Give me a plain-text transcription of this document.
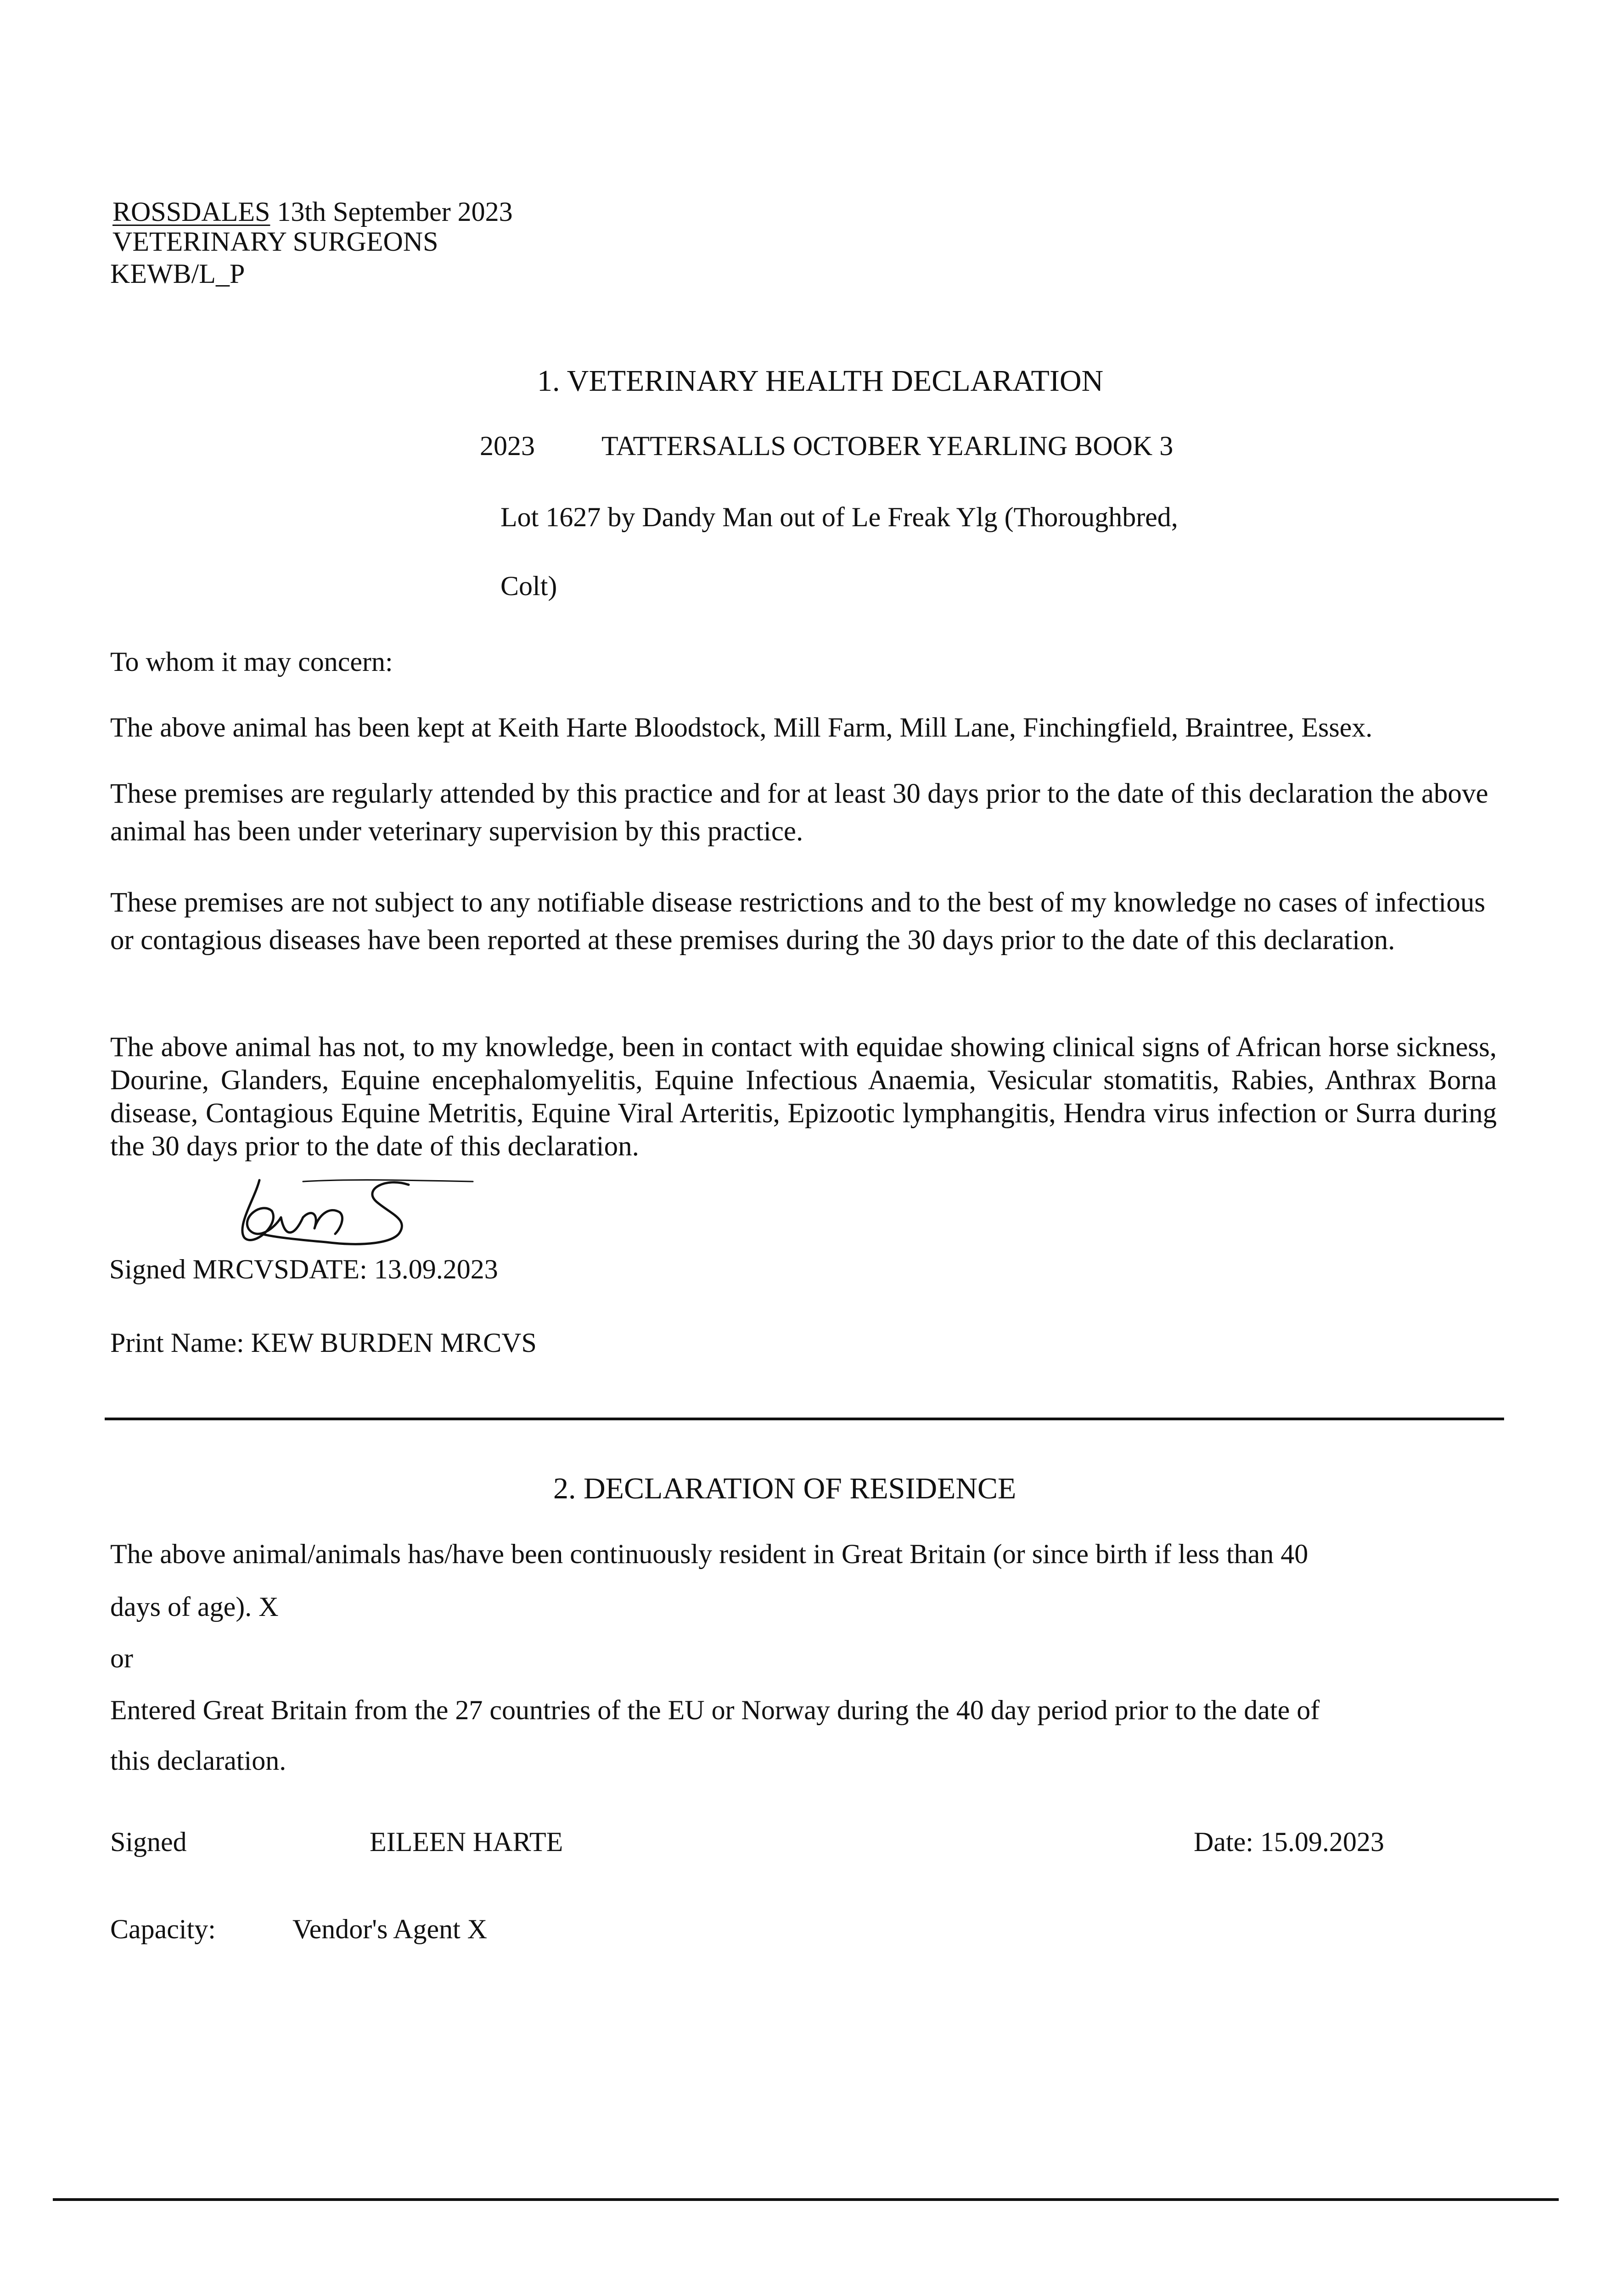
ROSSDALES 13th September 2023
VETERINARY SURGEONS
KEWB/L_P
1. VETERINARY HEALTH DECLARATION
2023 TATTERSALLS OCTOBER YEARLING BOOK 3
Lot 1627 by Dandy Man out of Le Freak Ylg (Thoroughbred,
Colt)
To whom it may concern:
The above animal has been kept at Keith Harte Bloodstock, Mill Farm, Mill Lane, Finchingfield, Braintree, Essex.
These premises are regularly attended by this practice and for at least 30 days prior to the date of this declaration the above animal has been under veterinary supervision by this practice.
These premises are not subject to any notifiable disease restrictions and to the best of my knowledge no cases of infectious or contagious diseases have been reported at these premises during the 30 days prior to the date of this declaration.
The above animal has not, to my knowledge, been in contact with equidae showing clinical signs of African horse sickness, Dourine, Glanders, Equine encephalomyelitis, Equine Infectious Anaemia, Vesicular stomatitis, Rabies, Anthrax Borna disease, Contagious Equine Metritis, Equine Viral Arteritis, Epizootic lymphangitis, Hendra virus infection or Surra during the 30 days prior to the date of this declaration.
Signed MRCVSDATE: 13.09.2023
Print Name: KEW BURDEN MRCVS
2. DECLARATION OF RESIDENCE
The above animal/animals has/have been continuously resident in Great Britain (or since birth if less than 40
days of age). X
or
Entered Great Britain from the 27 countries of the EU or Norway during the 40 day period prior to the date of
this declaration.
Signed	EILEEN HARTE	Date: 15.09.2023
Capacity:	Vendor's Agent X
